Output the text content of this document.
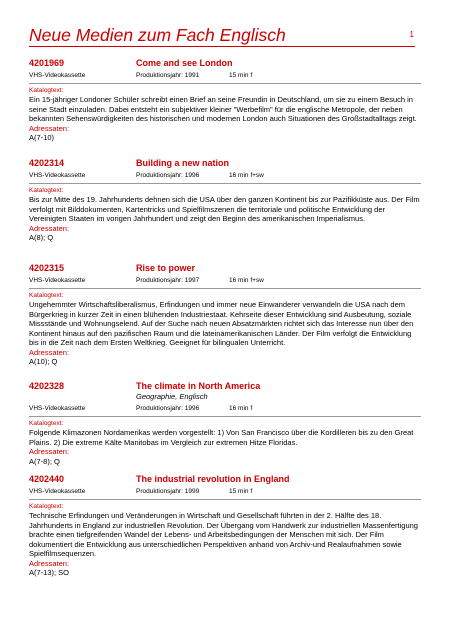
Neue Medien zum Fach Englisch	1
4201969	Come and see London
VHS-Videokassette	Produktionsjahr: 1991	15 min f
Katalogtext:
Ein 15-jähriger Londoner Schüler schreibt einen Brief an seine Freundin in Deutschland, um sie zu einem Besuch in seine Stadt einzuladen. Dabei entsteht ein subjektiver kleiner "Werbefilm" für die englische Metropole, der neben bekannten Sehenswürdigkeiten des historischen und modernen London auch Situationen des Großstadtalltags zeigt.
Adressaten:
A(7-10)
4202314	Building a new nation
VHS-Videokassette	Produktionsjahr: 1996	16 min f+sw
Katalogtext:
Bis zur Mitte des 19. Jahrhunderts dehnen sich die USA über den ganzen Kontinent bis zur Pazifikküste aus. Der Film verfolgt mit Bilddokumenten, Kartentricks und Spielfilmszenen die territoriale und politische Entwicklung der Vereinigten Staaten im vorigen Jahrhundert und zeigt den Beginn des amerikanischen Imperialismus.
Adressaten:
A(8); Q
4202315	Rise to power
VHS-Videokassette	Produktionsjahr: 1997	16 min f+sw
Katalogtext:
Ungehemmter Wirtschaftsliberalismus, Erfindungen und immer neue Einwanderer verwandeln die USA nach dem Bürgerkrieg in kurzer Zeit in einen blühenden Industriestaat. Kehrseite dieser Entwicklung sind Ausbeutung, soziale Missstände und Wohnungselend. Auf der Suche nach neuen Absatzmärkten richtet sich das Interesse nun über den Kontinent hinaus auf den pazifischen Raum und die lateinamerikanischen Länder. Der Film verfolgt die Entwicklung bis in die Zeit nach dem Ersten Weltkrieg. Geeignet für bilingualen Unterricht.
Adressaten:
A(10); Q
4202328	The climate in North America
Geographie, Englisch
VHS-Videokassette	Produktionsjahr: 1996	16 min f
Katalogtext:
Folgende Klimazonen Nordamerikas werden vorgestellt: 1) Von San Francisco über die Kordilleren bis zu den Great Plains. 2) Die extreme Kälte Manitobas im Vergleich zur extremen Hitze Floridas.
Adressaten:
A(7-8); Q
4202440	The industrial revolution in England
VHS-Videokassette	Produktionsjahr: 1999	15 min f
Katalogtext:
Technische Erfindungen und Veränderungen in Wirtschaft und Gesellschaft führten in der 2. Hälfte des 18. Jahrhunderts in England zur industriellen Revolution. Der Übergang vom Handwerk zur industriellen Massenfertigung brachte einen tiefgreifenden Wandel der Lebens- und Arbeitsbedingungen der Menschen mit sich. Der Film dokumentiert die Entwicklung aus unterschiedlichen Perspektiven anhand von Archiv-und Realaufnahmen sowie Spielfilmsequenzen.
Adressaten:
A(7-13); SO
